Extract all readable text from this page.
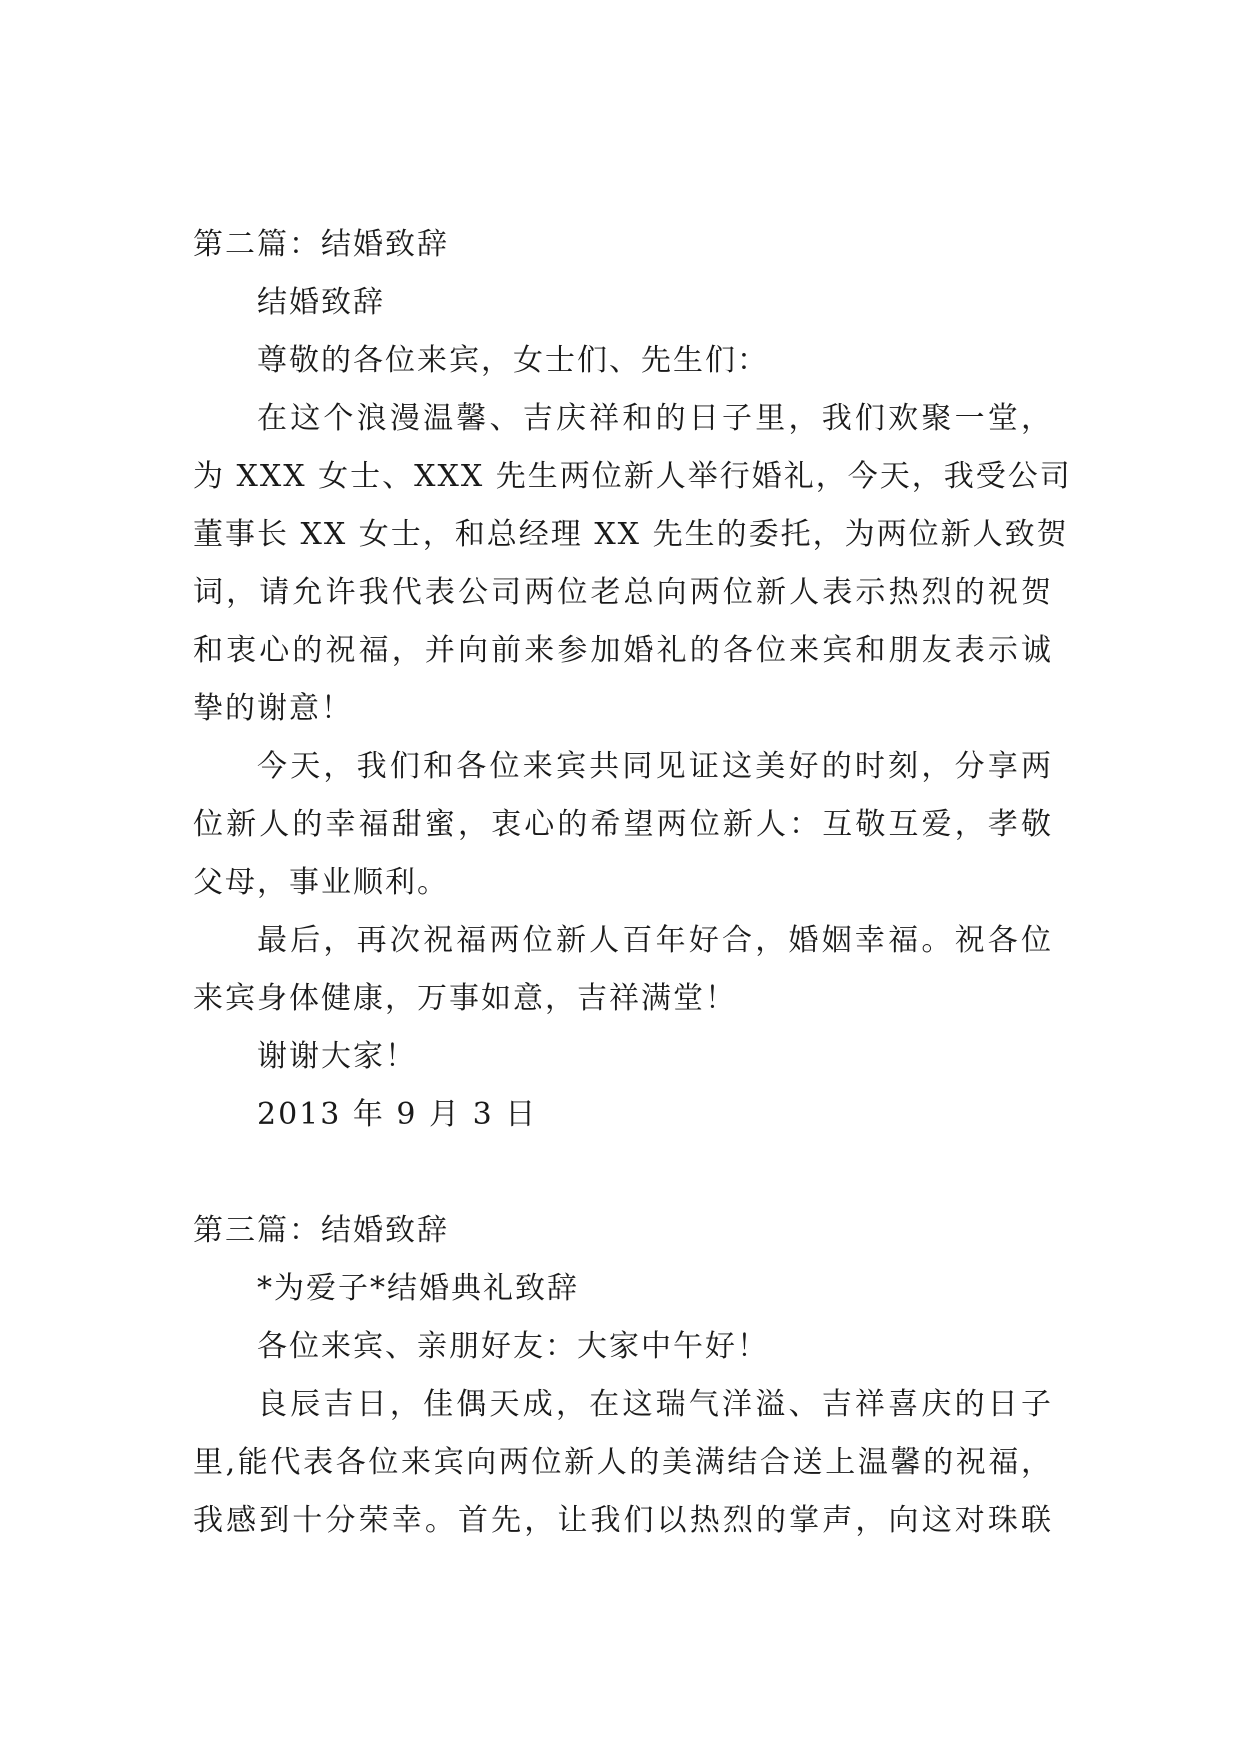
第二篇：结婚致辞
结婚致辞
尊敬的各位来宾，女士们、先生们：
在这个浪漫温馨、吉庆祥和的日子里，我们欢聚一堂，
为 XXX 女士、XXX 先生两位新人举行婚礼，今天，我受公司
董事长 XX 女士，和总经理 XX 先生的委托，为两位新人致贺
词，请允许我代表公司两位老总向两位新人表示热烈的祝贺
和衷心的祝福，并向前来参加婚礼的各位来宾和朋友表示诚
挚的谢意！
今天，我们和各位来宾共同见证这美好的时刻，分享两
位新人的幸福甜蜜，衷心的希望两位新人：互敬互爱，孝敬
父母，事业顺利。
最后，再次祝福两位新人百年好合，婚姻幸福。祝各位
来宾身体健康，万事如意，吉祥满堂！
谢谢大家！
2013 年 9 月 3 日
第三篇：结婚致辞
*为爱子*结婚典礼致辞
各位来宾、亲朋好友：大家中午好！
良辰吉日，佳偶天成，在这瑞气洋溢、吉祥喜庆的日子
里,能代表各位来宾向两位新人的美满结合送上温馨的祝福，
我感到十分荣幸。首先，让我们以热烈的掌声，向这对珠联
